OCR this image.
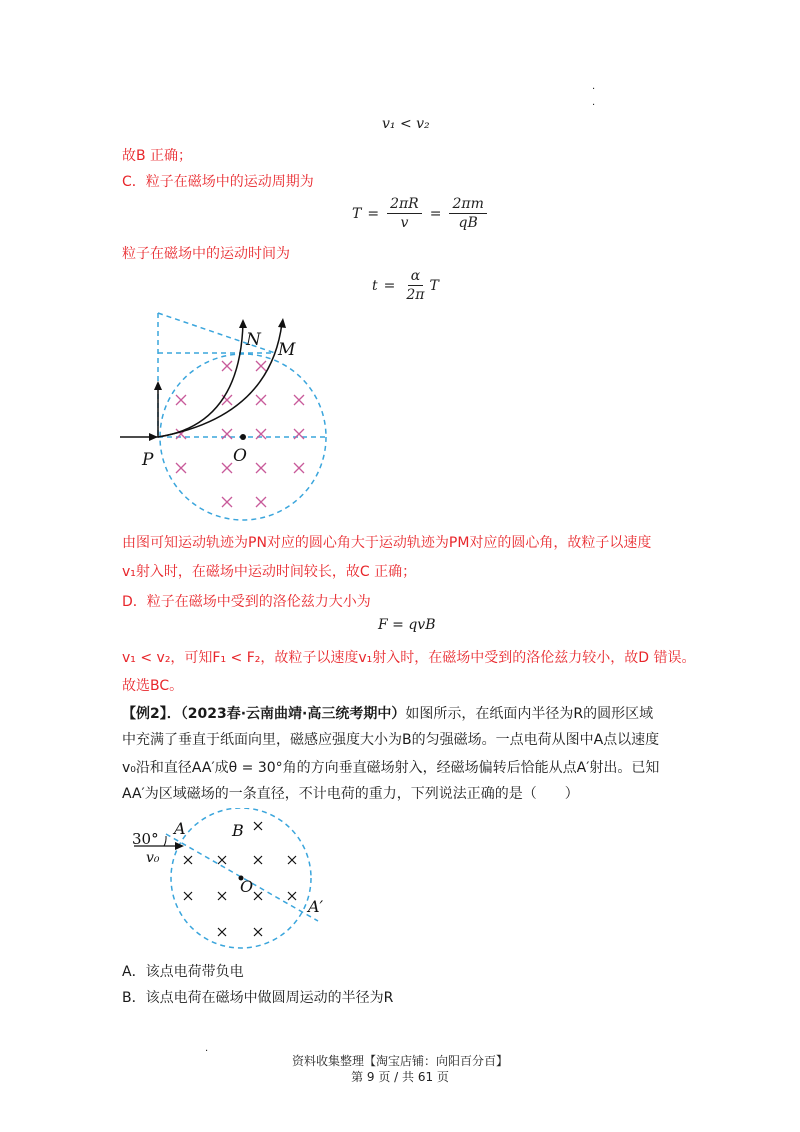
·
·
v₁ < v₂
故B 正确；
C．粒子在磁场中的运动周期为
$T = \frac{2\pi R}{v} = \frac{2\pi m}{qB}$
粒子在磁场中的运动时间为
$t = \frac{\alpha}{2\pi}$ T
N M
P	O
由图可知运动轨迹为PN对应的圆心角大于运动轨迹为PM对应的圆心角，故粒子以速度
v₁射入时，在磁场中运动时间较长，故C 正确；
D．粒子在磁场中受到的洛伦兹力大小为
F = qvB
v₁ < v₂，可知F₁ < F₂，故粒子以速度v₁射入时，在磁场中受到的洛伦兹力较小，故D 错误。
故选BC。
【例2】．（2023春·云南曲靖·高三统考期中）如图所示，在纸面内半径为R的圆形区域
中充满了垂直于纸面向里，磁感应强度大小为B的匀强磁场。一点电荷从图中A点以速度
v₀沿和直径AA′成θ = 30°角的方向垂直磁场射入，经磁场偏转后恰能从点A′射出。已知
AA′为区域磁场的一条直径，不计电荷的重力，下列说法正确的是（　　）
30°
A	B
v₀
O
A′
A．该点电荷带负电
B．该点电荷在磁场中做圆周运动的半径为R
·
资料收集整理【淘宝店铺：向阳百分百】
第 9 页 / 共 61 页
